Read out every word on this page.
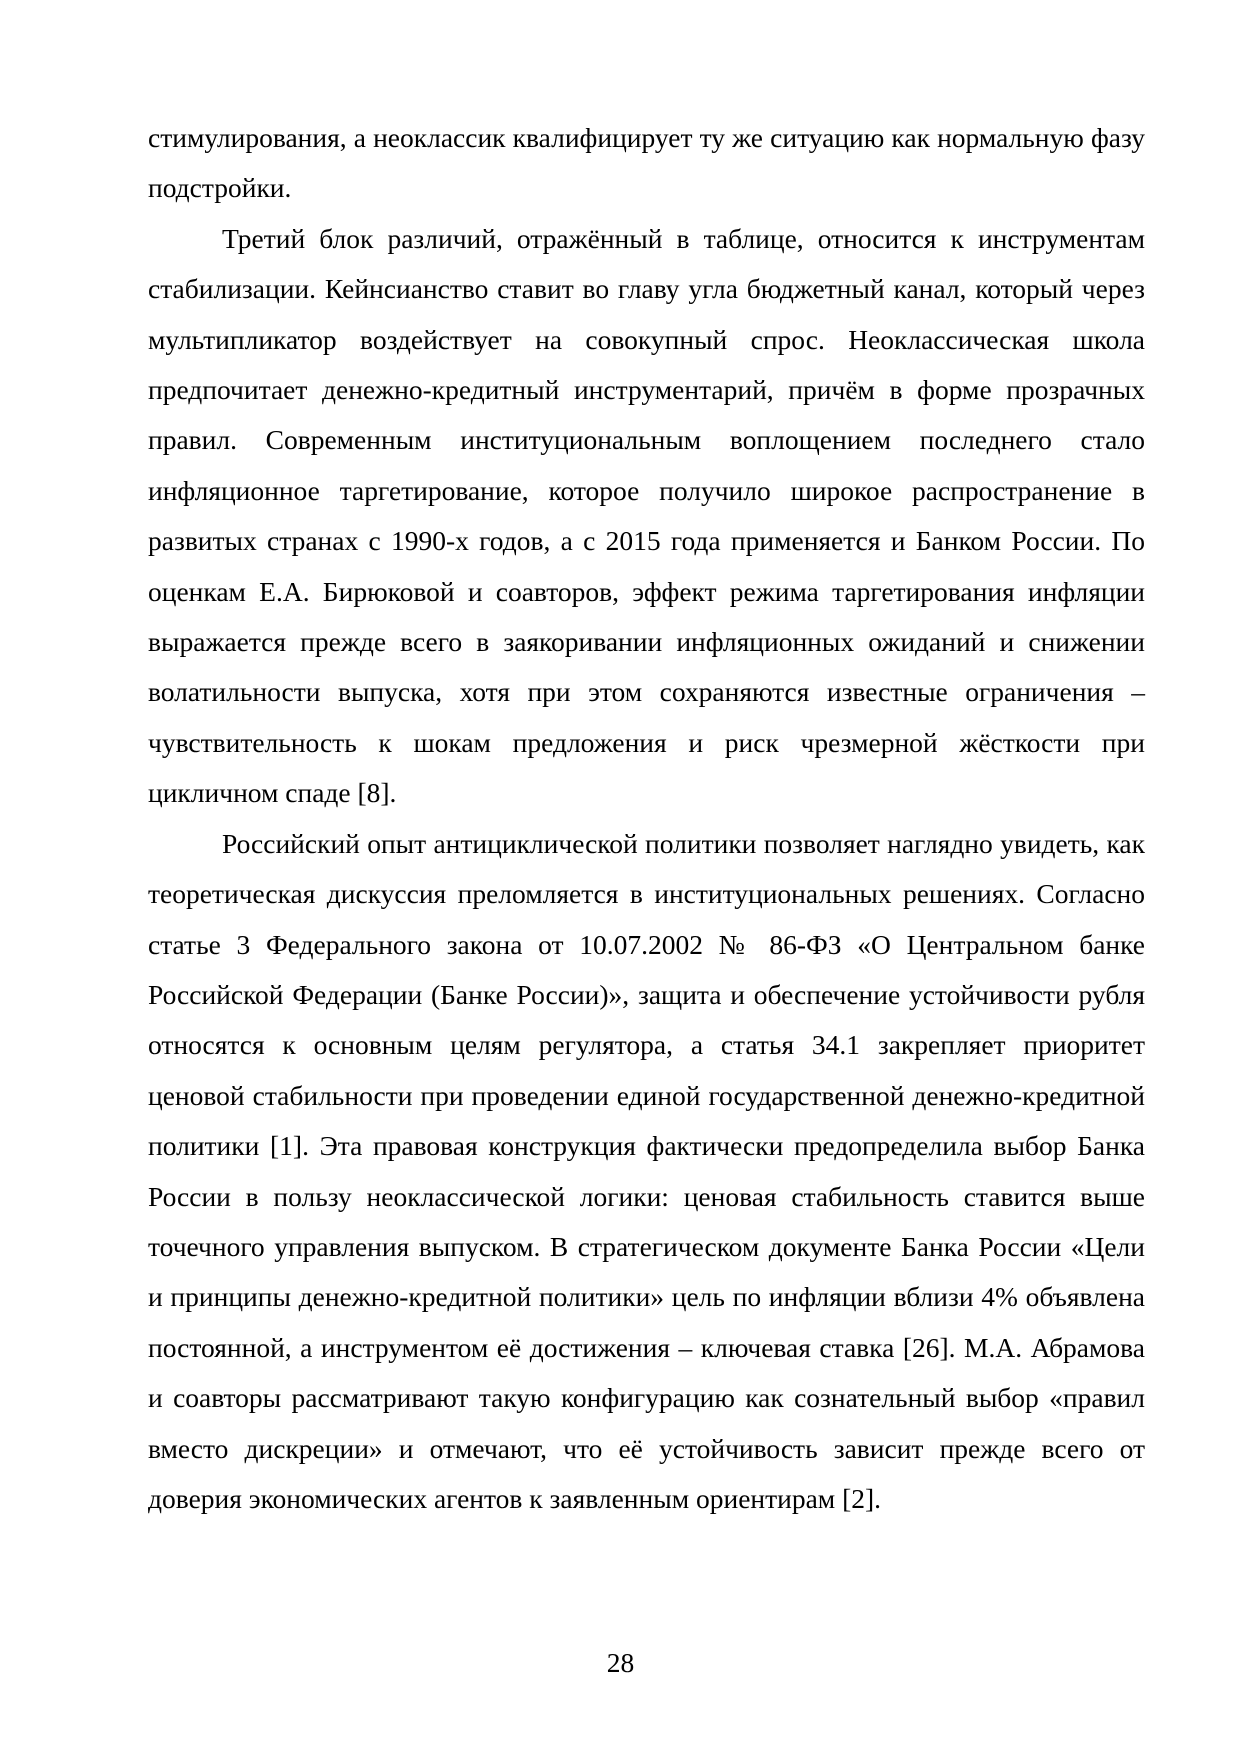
стимулирования, а неоклассик квалифицирует ту же ситуацию как нормальную фазу подстройки.

Третий блок различий, отражённый в таблице, относится к инструментам стабилизации. Кейнсианство ставит во главу угла бюджетный канал, который через мультипликатор воздействует на совокупный спрос. Неоклассическая школа предпочитает денежно-кредитный инструментарий, причём в форме прозрачных правил. Современным институциональным воплощением последнего стало инфляционное таргетирование, которое получило широкое распространение в развитых странах с 1990-х годов, а с 2015 года применяется и Банком России. По оценкам Е.А. Бирюковой и соавторов, эффект режима таргетирования инфляции выражается прежде всего в заякоривании инфляционных ожиданий и снижении волатильности выпуска, хотя при этом сохраняются известные ограничения – чувствительность к шокам предложения и риск чрезмерной жёсткости при цикличном спаде [8].

Российский опыт антициклической политики позволяет наглядно увидеть, как теоретическая дискуссия преломляется в институциональных решениях. Согласно статье 3 Федерального закона от 10.07.2002 № 86-ФЗ «О Центральном банке Российской Федерации (Банке России)», защита и обеспечение устойчивости рубля относятся к основным целям регулятора, а статья 34.1 закрепляет приоритет ценовой стабильности при проведении единой государственной денежно-кредитной политики [1]. Эта правовая конструкция фактически предопределила выбор Банка России в пользу неоклассической логики: ценовая стабильность ставится выше точечного управления выпуском. В стратегическом документе Банка России «Цели и принципы денежно-кредитной политики» цель по инфляции вблизи 4% объявлена постоянной, а инструментом её достижения – ключевая ставка [26]. М.А. Абрамова и соавторы рассматривают такую конфигурацию как сознательный выбор «правил вместо дискреции» и отмечают, что её устойчивость зависит прежде всего от доверия экономических агентов к заявленным ориентирам [2].

28
